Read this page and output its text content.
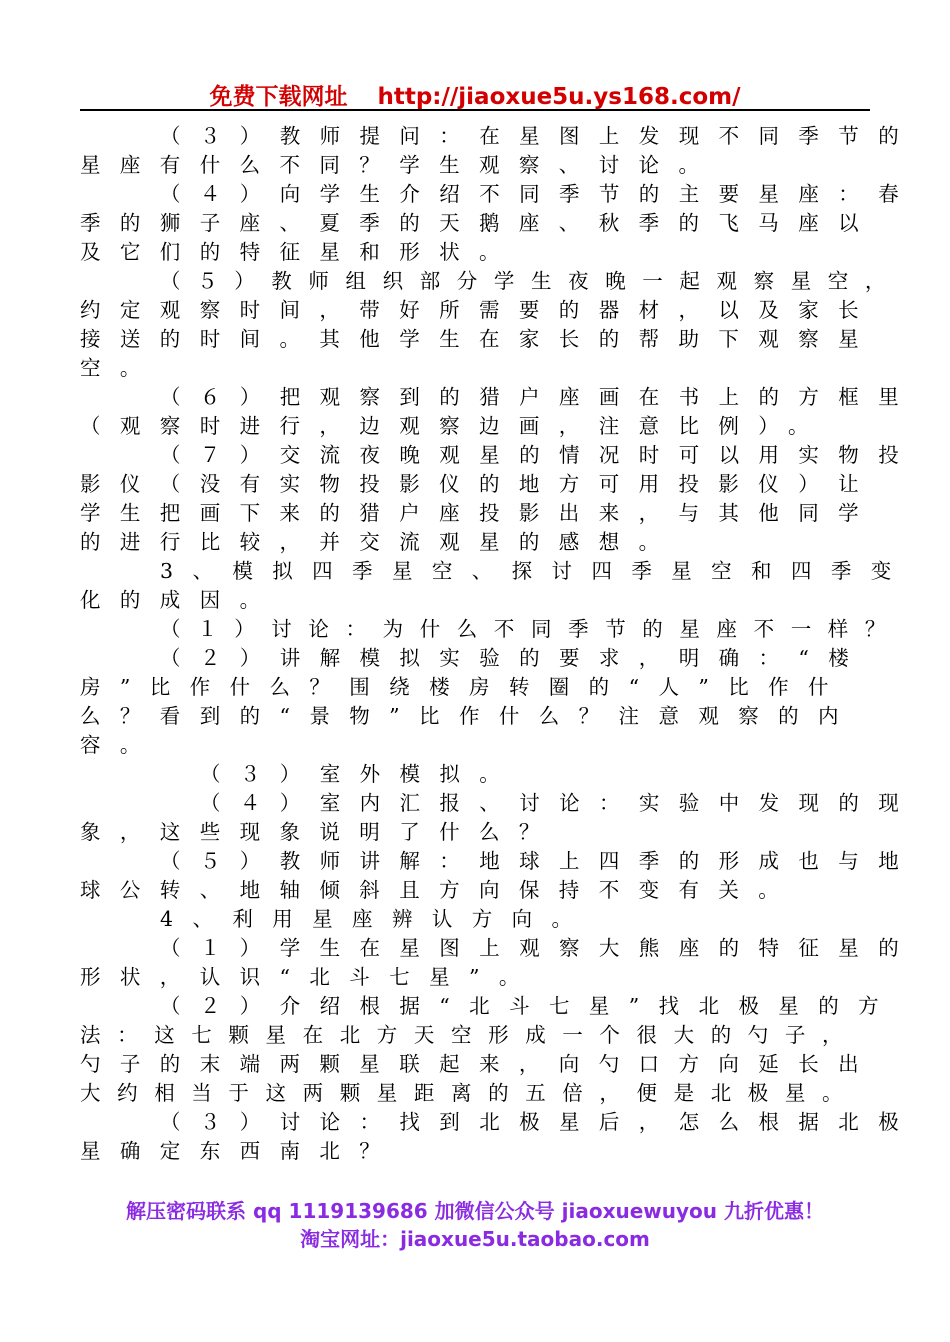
免费下载网址 http://jiaoxue5u.ys168.com/
（３）教师提问：在星图上发现不同季节的
星座有什么不同？学生观察、讨论。
（４）向学生介绍不同季节的主要星座：春
季的狮子座、夏季的天鹅座、秋季的飞马座以
及它们的特征星和形状。
（５）教师组织部分学生夜晚一起观察星空，
约定观察时间，带好所需要的器材，以及家长
接送的时间。其他学生在家长的帮助下观察星
空。
（６）把观察到的猎户座画在书上的方框里
（观察时进行，边观察边画，注意比例）。
（７）交流夜晚观星的情况时可以用实物投
影仪（没有实物投影仪的地方可用投影仪）让
学生把画下来的猎户座投影出来，与其他同学
的进行比较，并交流观星的感想。
3、模拟四季星空、探讨四季星空和四季变
化的成因。
（１）讨论：为什么不同季节的星座不一样？
（２）讲解模拟实验的要求，明确：“楼
房”比作什么？围绕楼房转圈的“人”比作什
么？看到的“景物”比作什么？注意观察的内
容。
（３）室外模拟。
（４）室内汇报、讨论：实验中发现的现
象，这些现象说明了什么？
（５）教师讲解：地球上四季的形成也与地
球公转、地轴倾斜且方向保持不变有关。
4、利用星座辨认方向。
（１）学生在星图上观察大熊座的特征星的
形状，认识“北斗七星”。
（２）介绍根据“北斗七星”找北极星的方
法：这七颗星在北方天空形成一个很大的勺子，
勺子的末端两颗星联起来，向勺口方向延长出
大约相当于这两颗星距离的五倍，便是北极星。
（３）讨论：找到北极星后，怎么根据北极
星确定东西南北？
解压密码联系 qq 1119139686 加微信公众号 jiaoxuewuyou 九折优惠！
淘宝网址：jiaoxue5u.taobao.com
